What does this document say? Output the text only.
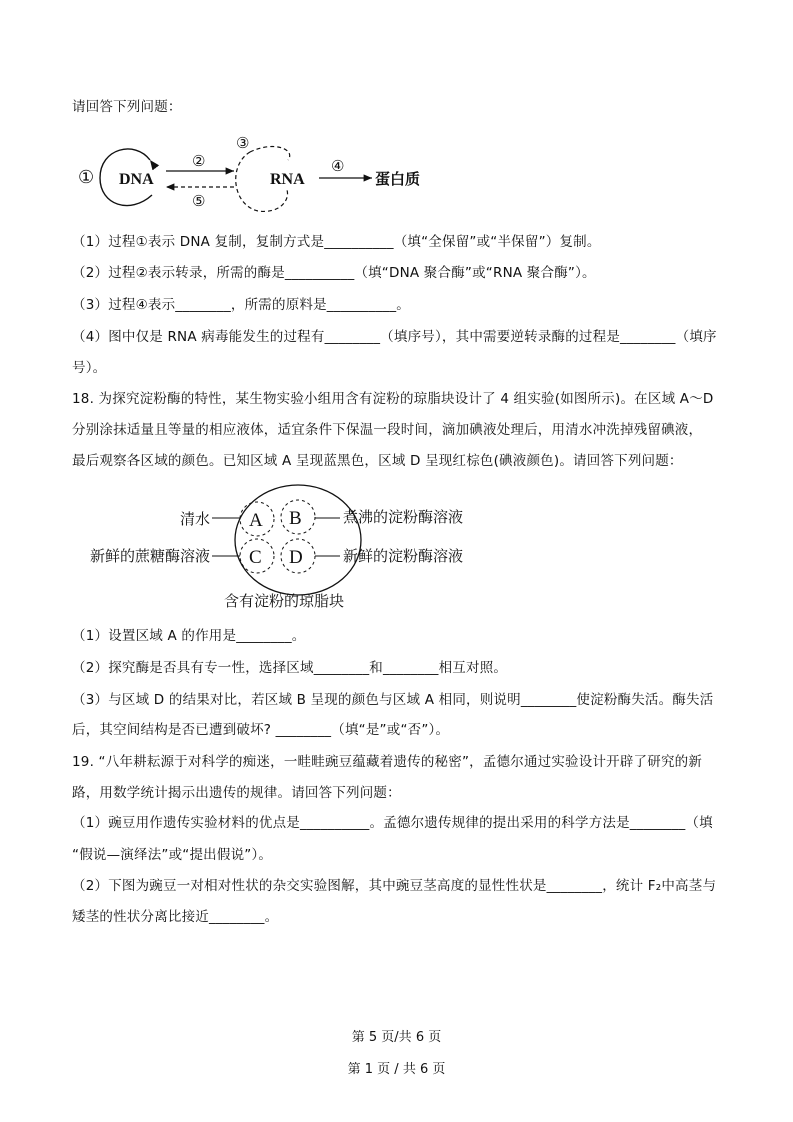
请回答下列问题：
① DNA
②
⑤
③
RNA
④
蛋白质
（1）过程①表示 DNA 复制，复制方式是__________（填“全保留”或“半保留”）复制。
（2）过程②表示转录，所需的酶是__________（填“DNA 聚合酶”或“RNA 聚合酶”）。
（3）过程④表示________，所需的原料是__________。
（4）图中仅是 RNA 病毒能发生的过程有________（填序号），其中需要逆转录酶的过程是________（填序
号）。
18. 为探究淀粉酶的特性，某生物实验小组用含有淀粉的琼脂块设计了 4 组实验(如图所示)。在区域 A～D
分别涂抹适量且等量的相应液体，适宜条件下保温一段时间，滴加碘液处理后，用清水冲洗掉残留碘液，
最后观察各区域的颜色。已知区域 A 呈现蓝黑色，区域 D 呈现红棕色(碘液颜色)。请回答下列问题：
A B
C D
清水
新鲜的蔗糖酶溶液
煮沸的淀粉酶溶液
新鲜的淀粉酶溶液
含有淀粉的琼脂块
（1）设置区域 A 的作用是________。
（2）探究酶是否具有专一性，选择区域________和________相互对照。
（3）与区域 D 的结果对比，若区域 B 呈现的颜色与区域 A 相同，则说明________使淀粉酶失活。酶失活
后，其空间结构是否已遭到破坏? ________（填“是”或“否”）。
19. “八年耕耘源于对科学的痴迷，一畦畦豌豆蕴藏着遗传的秘密”，孟德尔通过实验设计开辟了研究的新
路，用数学统计揭示出遗传的规律。请回答下列问题：
（1）豌豆用作遗传实验材料的优点是__________。孟德尔遗传规律的提出采用的科学方法是________（填
“假说—演绎法”或“提出假说”）。
（2）下图为豌豆一对相对性状的杂交实验图解，其中豌豆茎高度的显性性状是________，统计 F₂中高茎与
矮茎的性状分离比接近________。
第 5 页/共 6 页
第 1 页 / 共 6 页
